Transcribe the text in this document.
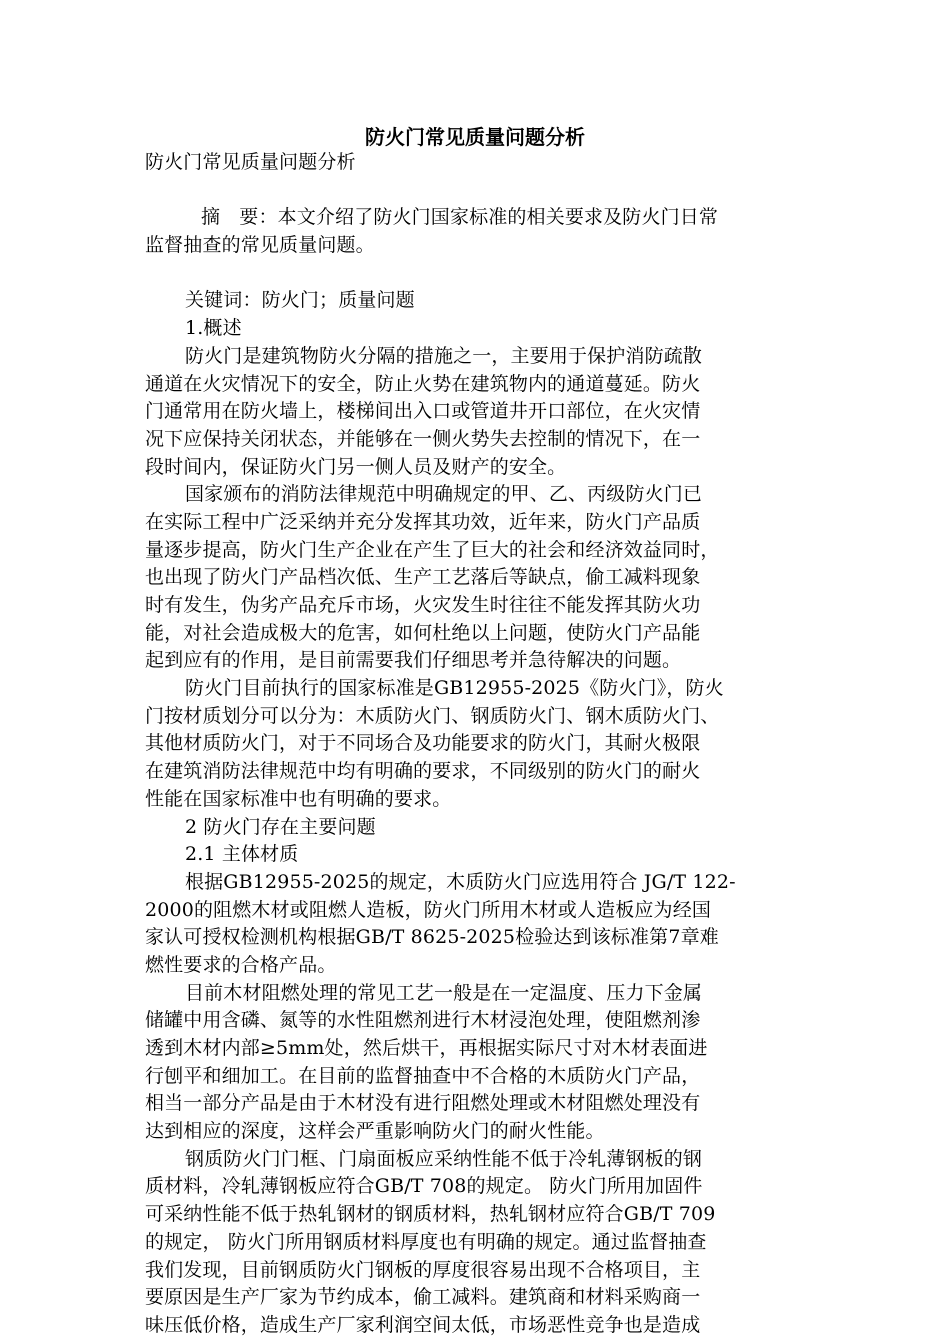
防火门常见质量问题分析
防火门常见质量问题分析
摘　要：本文介绍了防火门国家标准的相关要求及防火门日常
监督抽查的常见质量问题。
关键词：防火门；质量问题
1.概述
防火门是建筑物防火分隔的措施之一，主要用于保护消防疏散
通道在火灾情况下的安全，防止火势在建筑物内的通道蔓延。防火
门通常用在防火墙上，楼梯间出入口或管道井开口部位，在火灾情
况下应保持关闭状态，并能够在一侧火势失去控制的情况下，在一
段时间内，保证防火门另一侧人员及财产的安全。
国家颁布的消防法律规范中明确规定的甲、乙、丙级防火门已
在实际工程中广泛采纳并充分发挥其功效，近年来，防火门产品质
量逐步提高，防火门生产企业在产生了巨大的社会和经济效益同时，
也出现了防火门产品档次低、生产工艺落后等缺点，偷工减料现象
时有发生，伪劣产品充斥市场，火灾发生时往往不能发挥其防火功
能，对社会造成极大的危害，如何杜绝以上问题，使防火门产品能
起到应有的作用，是目前需要我们仔细思考并急待解决的问题。
防火门目前执行的国家标准是GB12955-2025《防火门》，防火
门按材质划分可以分为：木质防火门、钢质防火门、钢木质防火门、
其他材质防火门，对于不同场合及功能要求的防火门，其耐火极限
在建筑消防法律规范中均有明确的要求，不同级别的防火门的耐火
性能在国家标准中也有明确的要求。
2 防火门存在主要问题
2.1 主体材质
根据GB12955-2025的规定，木质防火门应选用符合 JG/T 122-
2000的阻燃木材或阻燃人造板，防火门所用木材或人造板应为经国
家认可授权检测机构根据GB/T 8625-2025检验达到该标准第7章难
燃性要求的合格产品。
目前木材阻燃处理的常见工艺一般是在一定温度、压力下金属
储罐中用含磷、氮等的水性阻燃剂进行木材浸泡处理，使阻燃剂渗
透到木材内部≥5mm处，然后烘干，再根据实际尺寸对木材表面进
行刨平和细加工。在目前的监督抽查中不合格的木质防火门产品，
相当一部分产品是由于木材没有进行阻燃处理或木材阻燃处理没有
达到相应的深度，这样会严重影响防火门的耐火性能。
钢质防火门门框、门扇面板应采纳性能不低于冷轧薄钢板的钢
质材料，冷轧薄钢板应符合GB/T 708的规定。 防火门所用加固件
可采纳性能不低于热轧钢材的钢质材料，热轧钢材应符合GB/T 709
的规定， 防火门所用钢质材料厚度也有明确的规定。通过监督抽查
我们发现，目前钢质防火门钢板的厚度很容易出现不合格项目，主
要原因是生产厂家为节约成本，偷工减料。建筑商和材料采购商一
味压低价格，造成生产厂家利润空间太低，市场恶性竞争也是造成
